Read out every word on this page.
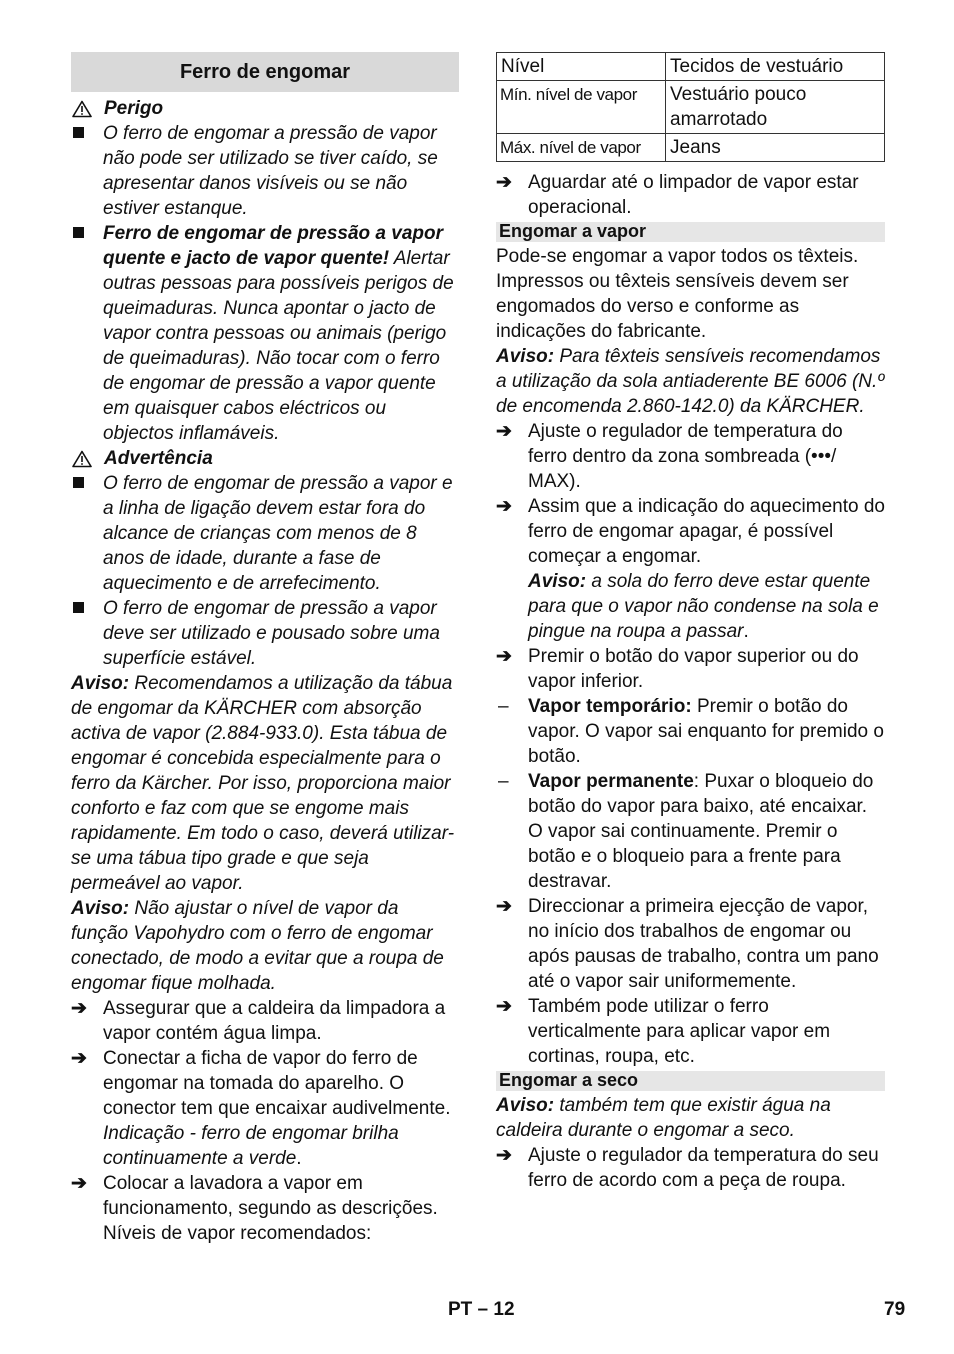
Ferro de engomar
Perigo
O ferro de engomar a pressão de vapor não pode ser utilizado se tiver caído, se apresentar danos visíveis ou se não estiver estanque.
Ferro de engomar de pressão a vapor quente e jacto de vapor quente! Alertar outras pessoas para possíveis perigos de queimaduras. Nunca apontar o jacto de vapor contra pessoas ou animais (perigo de queimaduras). Não tocar com o ferro de engomar de pressão a vapor quente em quaisquer cabos eléctricos ou objectos inflamáveis.
Advertência
O ferro de engomar de pressão a vapor e a linha de ligação devem estar fora do alcance de crianças com menos de 8 anos de idade, durante a fase de aquecimento e de arrefecimento.
O ferro de engomar de pressão a vapor deve ser utilizado e pousado sobre uma superfície estável.

Aviso: Recomendamos a utilização da tábua de engomar da KÄRCHER com absorção activa de vapor (2.884-933.0). Esta tábua de engomar é concebida especialmente para o ferro da Kärcher. Por isso, proporciona maior conforto e faz com que se engome mais rapidamente. Em todo o caso, deverá utilizar-se uma tábua tipo grade e que seja permeável ao vapor.

Aviso: Não ajustar o nível de vapor da função Vapohydro com o ferro de engomar conectado, de modo a evitar que a roupa de engomar fique molhada.

➔ Assegurar que a caldeira da limpadora a vapor contém água limpa.
➔ Conectar a ficha de vapor do ferro de engomar na tomada do aparelho. O conector tem que encaixar audivelmente.
Indicação - ferro de engomar brilha continuamente a verde.
➔ Colocar a lavadora a vapor em funcionamento, segundo as descrições. Níveis de vapor recomendados:
Nível	Tecidos de vestuário
Mín. nível de vapor	Vestuário pouco amarrotado
Máx. nível de vapor	Jeans
➔ Aguardar até o limpador de vapor estar operacional.
Engomar a vapor

Pode-se engomar a vapor todos os têxteis. Impressos ou têxteis sensíveis devem ser engomados do verso e conforme as indicações do fabricante.

Aviso: Para têxteis sensíveis recomendamos a utilização da sola antiaderente BE 6006 (N.º de encomenda 2.860-142.0) da KÄRCHER.

➔ Ajuste o regulador de temperatura do ferro dentro da zona sombreada (•••/ MAX).
➔ Assim que a indicação do aquecimento do ferro de engomar apagar, é possível começar a engomar.
Aviso: a sola do ferro deve estar quente para que o vapor não condense na sola e pingue na roupa a passar.
➔ Premir o botão do vapor superior ou do vapor inferior.
–	Vapor temporário: Premir o botão do vapor. O vapor sai enquanto for premido o botão.
–	Vapor permanente: Puxar o bloqueio do botão do vapor para baixo, até encaixar. O vapor sai continuamente. Premir o botão e o bloqueio para a frente para destravar.
➔ Direccionar a primeira ejecção de vapor, no início dos trabalhos de engomar ou após pausas de trabalho, contra um pano até o vapor sair uniformemente.
➔ Também pode utilizar o ferro verticalmente para aplicar vapor em cortinas, roupa, etc.
Engomar a seco

Aviso: também tem que existir água na caldeira durante o engomar a seco.

➔ Ajuste o regulador da temperatura do seu ferro de acordo com a peça de roupa.
PT – 12	79
